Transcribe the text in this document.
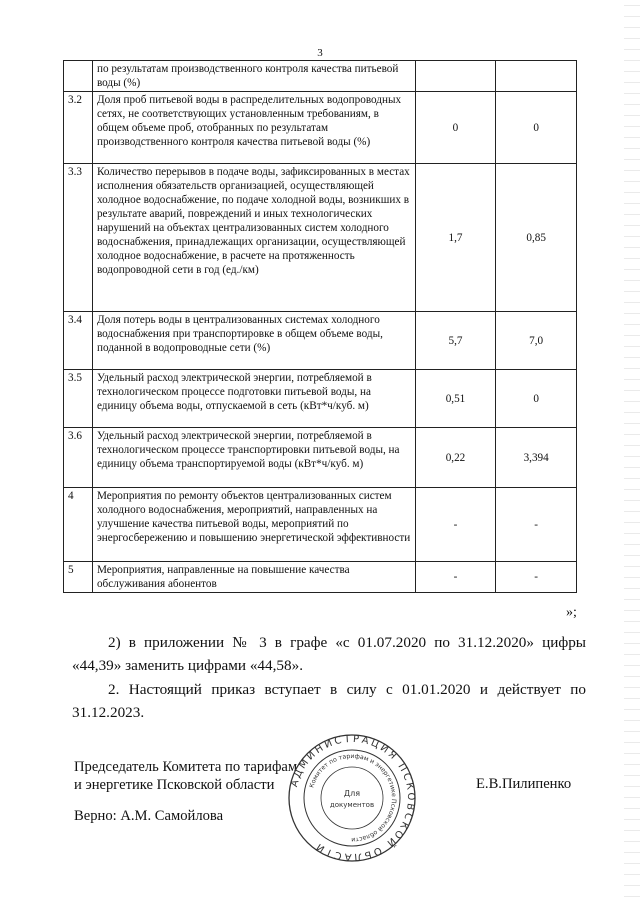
3
	по результатам производственного контроля качества питьевой воды (%)		
3.2	Доля проб питьевой воды в распределительных водопроводных сетях, не соответствующих установленным требованиям, в общем объеме проб, отобранных по результатам производственного контроля качества питьевой воды (%)	0	0
3.3	Количество перерывов в подаче воды, зафиксированных в местах исполнения обязательств организацией, осуществляющей холодное водоснабжение, по подаче холодной воды, возникших в результате аварий, повреждений и иных технологических нарушений на объектах централизованных систем холодного водоснабжения, принадлежащих организации, осуществляющей холодное водоснабжение, в расчете на протяженность водопроводной сети в год (ед./км)	1,7	0,85
3.4	Доля потерь воды в централизованных системах холодного водоснабжения при транспортировке в общем объеме воды, поданной в водопроводные сети (%)	5,7	7,0
3.5	Удельный расход электрической энергии, потребляемой в технологическом процессе подготовки питьевой воды, на единицу объема воды, отпускаемой в сеть (кВт*ч/куб. м)	0,51	0
3.6	Удельный расход электрической энергии, потребляемой в технологическом процессе транспортировки питьевой воды, на единицу объема транспортируемой воды (кВт*ч/куб. м)	0,22	3,394
4	Мероприятия по ремонту объектов централизованных систем холодного водоснабжения, мероприятий, направленных на улучшение качества питьевой воды, мероприятий по энергосбережению и повышению энергетической эффективности	-	-
5	Мероприятия, направленные на повышение качества обслуживания абонентов	-	-
»;
2) в приложении № 3 в графе «с 01.07.2020 по 31.12.2020» цифры «44,39» заменить цифрами «44,58».
2. Настоящий приказ вступает в силу с 01.01.2020 и действует по 31.12.2023.
Председатель Комитета по тарифам
и энергетике Псковской области	Е.В.Пилипенко
Верно: А.М. Самойлова
АДМИНИСТРАЦИЯ ПСКОВСКОЙ ОБЛАСТИ
Комитет по тарифам и энергетике Псковской области
Для
документов
